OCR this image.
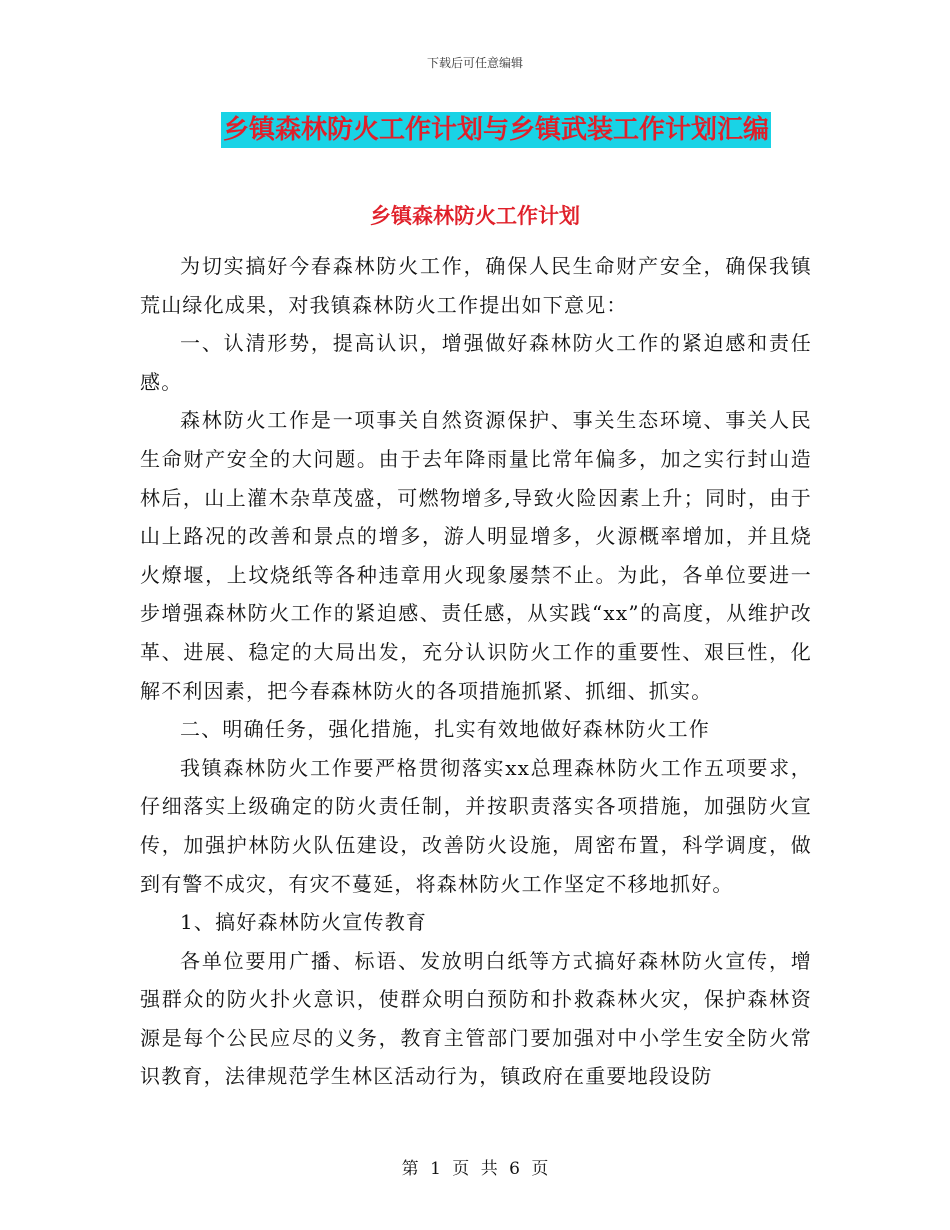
下载后可任意编辑
乡镇森林防火工作计划与乡镇武装工作计划汇编
乡镇森林防火工作计划

为切实搞好今春森林防火工作，确保人民生命财产安全，确保我镇荒山绿化成果，对我镇森林防火工作提出如下意见：

一、认清形势，提高认识，增强做好森林防火工作的紧迫感和责任感。

森林防火工作是一项事关自然资源保护、事关生态环境、事关人民生命财产安全的大问题。由于去年降雨量比常年偏多，加之实行封山造林后，山上灌木杂草茂盛，可燃物增多,导致火险因素上升；同时，由于山上路况的改善和景点的增多，游人明显增多，火源概率增加，并且烧火燎堰，上坟烧纸等各种违章用火现象屡禁不止。为此，各单位要进一步增强森林防火工作的紧迫感、责任感，从实践“xx”的高度，从维护改革、进展、稳定的大局出发，充分认识防火工作的重要性、艰巨性，化解不利因素，把今春森林防火的各项措施抓紧、抓细、抓实。

二、明确任务，强化措施，扎实有效地做好森林防火工作

我镇森林防火工作要严格贯彻落实xx总理森林防火工作五项要求，仔细落实上级确定的防火责任制，并按职责落实各项措施，加强防火宣传，加强护林防火队伍建设，改善防火设施，周密布置，科学调度，做到有警不成灾，有灾不蔓延，将森林防火工作坚定不移地抓好。

1、搞好森林防火宣传教育

各单位要用广播、标语、发放明白纸等方式搞好森林防火宣传，增强群众的防火扑火意识，使群众明白预防和扑救森林火灾，保护森林资源是每个公民应尽的义务，教育主管部门要加强对中小学生安全防火常识教育，法律规范学生林区活动行为，镇政府在重要地段设防

第 1 页 共 6 页
